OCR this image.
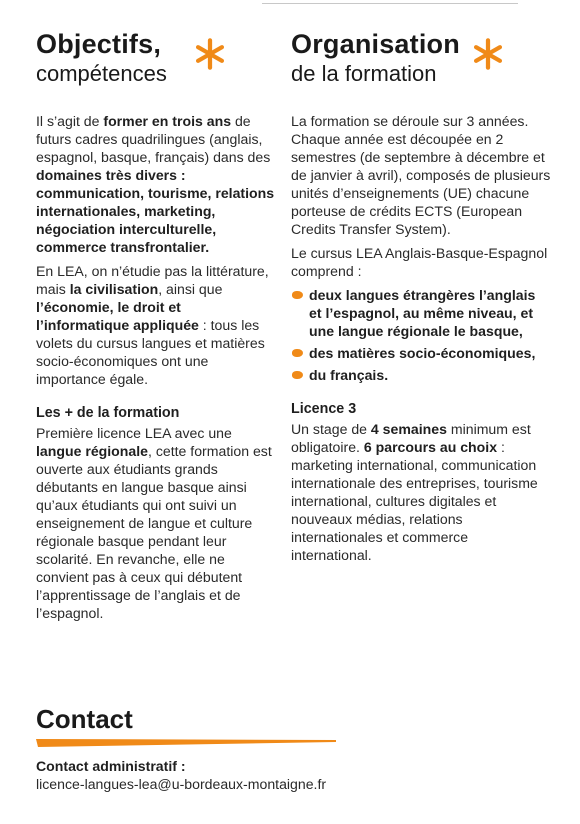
Objectifs,
compétences

Il s’agit de former en trois ans de futurs cadres quadrilingues (anglais, espagnol, basque, français) dans des domaines très divers : communication, tourisme, relations internationales, marketing, négociation interculturelle, commerce transfrontalier.

En LEA, on n’étudie pas la littérature, mais la civilisation, ainsi que l’économie, le droit et l’informatique appliquée : tous les volets du cursus langues et matières socio-économiques ont une importance égale.

Les + de la formation

Première licence LEA avec une langue régionale, cette formation est ouverte aux étudiants grands débutants en langue basque ainsi qu’aux étudiants qui ont suivi un enseignement de langue et culture régionale basque pendant leur scolarité. En revanche, elle ne convient pas à ceux qui débutent l’apprentissage de l’anglais et de l’espagnol.

Organisation
de la formation

La formation se déroule sur 3 années. Chaque année est découpée en 2 semestres (de septembre à décembre et de janvier à avril), composés de plusieurs unités d’enseignements (UE) chacune porteuse de crédits ECTS (European Credits Transfer System).

Le cursus LEA Anglais-Basque-Espagnol comprend :

deux langues étrangères l’anglais et l’espagnol, au même niveau, et une langue régionale le basque,
des matières socio-économiques,
du français.
Licence 3

Un stage de 4 semaines minimum est obligatoire. 6 parcours au choix : marketing international, communication internationale des entreprises, tourisme international, cultures digitales et nouveaux médias, relations internationales et commerce international.

Contact
Contact administratif :
licence-langues-lea@u-bordeaux-montaigne.fr
